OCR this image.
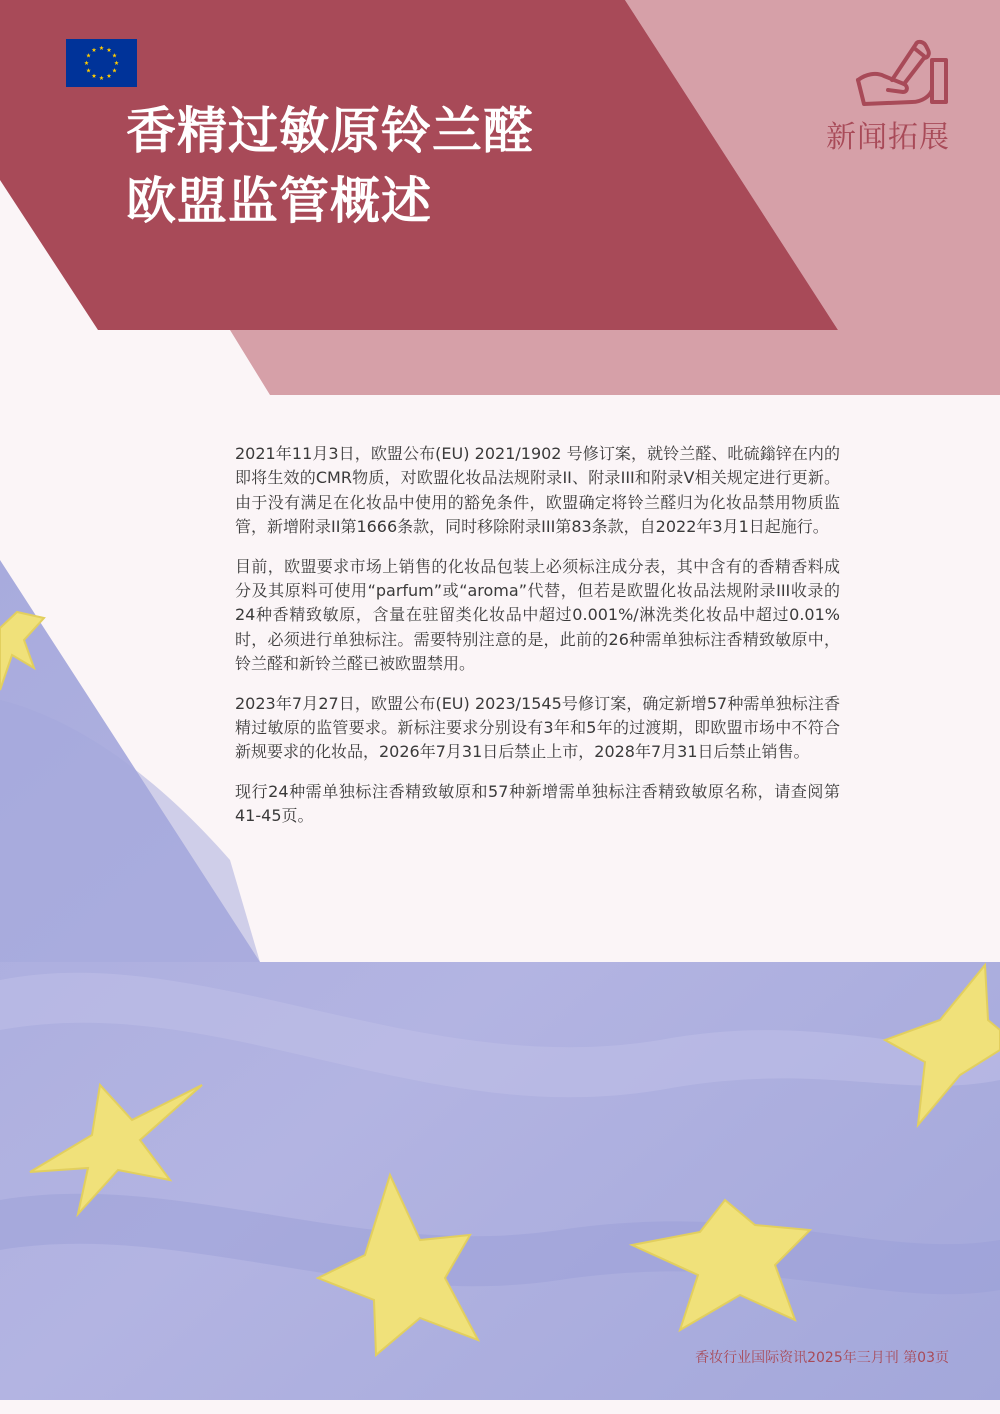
香精过敏原铃兰醛
欧盟监管概述
新闻拓展

2021年11月3日，欧盟公布(EU) 2021/1902 号修订案，就铃兰醛、吡硫鎓锌在内的即将生效的CMR物质，对欧盟化妆品法规附录II、附录III和附录V相关规定进行更新。由于没有满足在化妆品中使用的豁免条件，欧盟确定将铃兰醛归为化妆品禁用物质监管，新增附录II第1666条款，同时移除附录III第83条款，自2022年3月1日起施行。

目前，欧盟要求市场上销售的化妆品包装上必须标注成分表，其中含有的香精香料成分及其原料可使用“parfum”或“aroma”代替，但若是欧盟化妆品法规附录III收录的24种香精致敏原，含量在驻留类化妆品中超过0.001%/淋洗类化妆品中超过0.01%时，必须进行单独标注。需要特别注意的是，此前的26种需单独标注香精致敏原中，铃兰醛和新铃兰醛已被欧盟禁用。

2023年7月27日，欧盟公布(EU) 2023/1545号修订案，确定新增57种需单独标注香精过敏原的监管要求。新标注要求分别设有3年和5年的过渡期，即欧盟市场中不符合新规要求的化妆品，2026年7月31日后禁止上市，2028年7月31日后禁止销售。

现行24种需单独标注香精致敏原和57种新增需单独标注香精致敏原名称，请查阅第41-45页。

香妆行业国际资讯2025年三月刊 第03页
